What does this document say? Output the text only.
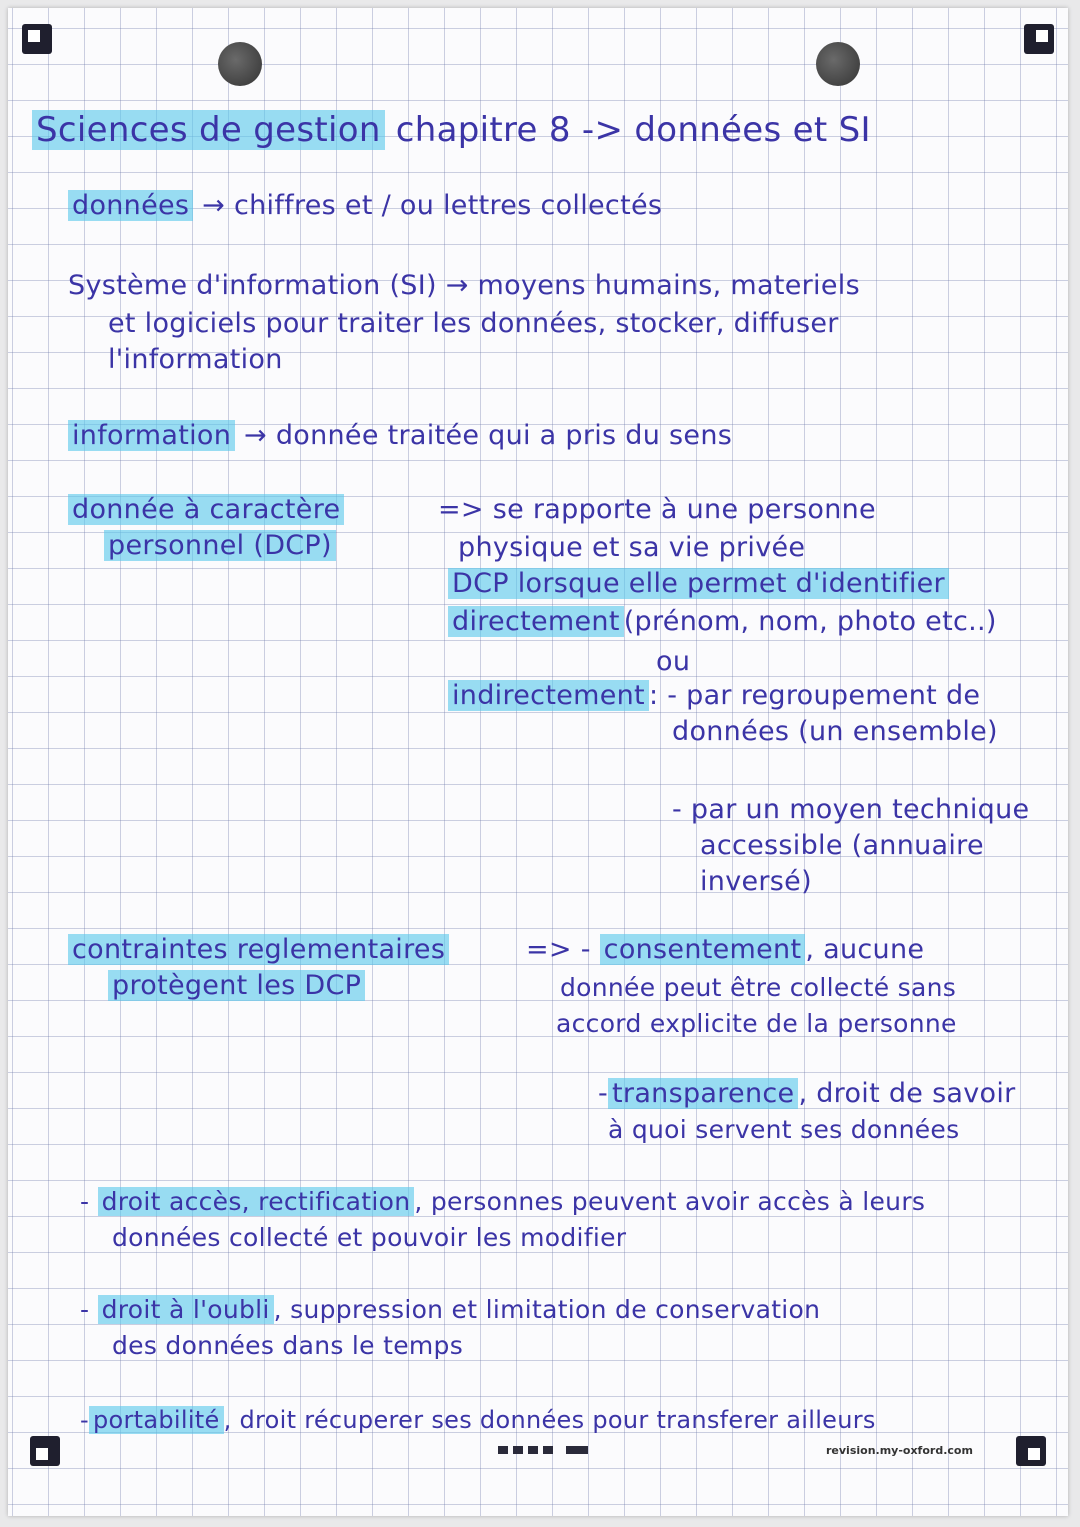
Sciences de gestion chapitre 8 -> données et SI
données → chiffres et / ou lettres collectés
Système d'information (SI) → moyens humains, materiels
et logiciels pour traiter les données, stocker, diffuser
l'information
information → donnée traitée qui a pris du sens
donnée à caractère
personnel (DCP)
=> se rapporte à une personne
physique et sa vie privée
DCP lorsque elle permet d'identifier
directement (prénom, nom, photo etc..)
ou
indirectement : - par regroupement de
données (un ensemble)
- par un moyen technique
accessible (annuaire
inversé)
contraintes reglementaires
protègent les DCP
=> - consentement , aucune
donnée peut être collecté sans
accord explicite de la personne
- transparence , droit de savoir
à quoi servent ses données
- droit accès, rectification , personnes peuvent avoir accès à leurs
données collecté et pouvoir les modifier
- droit à l'oubli , suppression et limitation de conservation
des données dans le temps
- portabilité , droit récuperer ses données pour transferer ailleurs
revision.my-oxford.com
